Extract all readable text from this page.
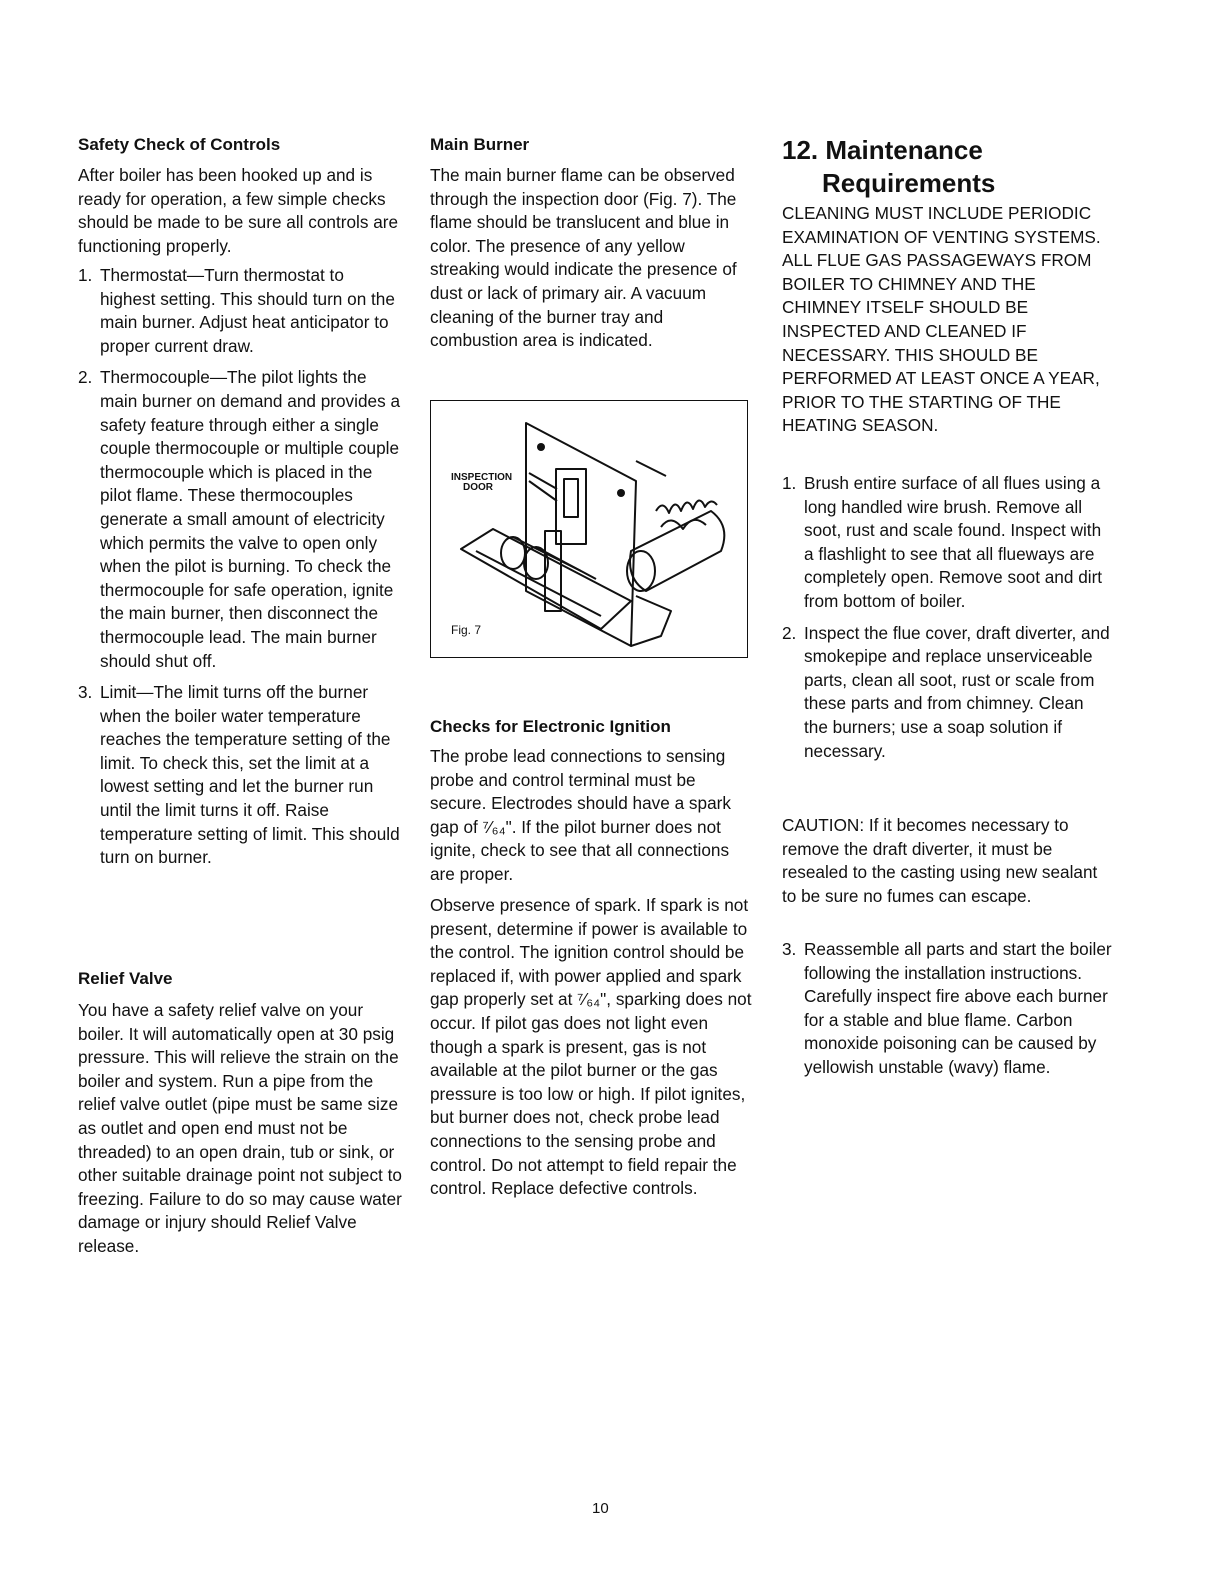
Safety Check of Controls

After boiler has been hooked up and is ready for operation, a few simple checks should be made to be sure all controls are functioning properly.

1. Thermostat—Turn thermostat to highest setting. This should turn on the main burner. Adjust heat anticipator to proper current draw.
2. Thermocouple—The pilot lights the main burner on demand and provides a safety feature through either a single couple thermocouple or multiple couple thermocouple which is placed in the pilot flame. These thermocouples generate a small amount of electricity which permits the valve to open only when the pilot is burning. To check the thermocouple for safe operation, ignite the main burner, then disconnect the thermocouple lead. The main burner should shut off.
3. Limit—The limit turns off the burner when the boiler water temperature reaches the temperature setting of the limit. To check this, set the limit at a lowest setting and let the burner run until the limit turns it off. Raise temperature setting of limit. This should turn on burner.
Relief Valve

You have a safety relief valve on your boiler. It will automatically open at 30 psig pressure. This will relieve the strain on the boiler and system. Run a pipe from the relief valve outlet (pipe must be same size as outlet and open end must not be threaded) to an open drain, tub or sink, or other suitable drainage point not subject to freezing. Failure to do so may cause water damage or injury should Relief Valve release.

Main Burner

The main burner flame can be observed through the inspection door (Fig. 7). The flame should be translucent and blue in color. The presence of any yellow streaking would indicate the presence of dust or lack of primary air. A vacuum cleaning of the burner tray and combustion area is indicated.

INSPECTION
DOOR
Fig. 7
Checks for Electronic Ignition

The probe lead connections to sensing probe and control terminal must be secure. Electrodes should have a spark gap of ⁷⁄₆₄". If the pilot burner does not ignite, check to see that all connections are proper.

Observe presence of spark. If spark is not present, determine if power is available to the control. The ignition control should be replaced if, with power applied and spark gap properly set at ⁷⁄₆₄", sparking does not occur. If pilot gas does not light even though a spark is present, gas is not available at the pilot burner or the gas pressure is too low or high. If pilot ignites, but burner does not, check probe lead connections to the sensing probe and control. Do not attempt to field repair the control. Replace defective controls.

12. Maintenance
Requirements

CLEANING MUST INCLUDE PERIODIC EXAMINATION OF VENTING SYSTEMS. ALL FLUE GAS PASSAGEWAYS FROM BOILER TO CHIMNEY AND THE CHIMNEY ITSELF SHOULD BE INSPECTED AND CLEANED IF NECESSARY. THIS SHOULD BE PERFORMED AT LEAST ONCE A YEAR, PRIOR TO THE STARTING OF THE HEATING SEASON.

1. Brush entire surface of all flues using a long handled wire brush. Remove all soot, rust and scale found. Inspect with a flashlight to see that all flueways are completely open. Remove soot and dirt from bottom of boiler.
2. Inspect the flue cover, draft diverter, and smokepipe and replace unserviceable parts, clean all soot, rust or scale from these parts and from chimney. Clean the burners; use a soap solution if necessary.

CAUTION: If it becomes necessary to remove the draft diverter, it must be resealed to the casting using new sealant to be sure no fumes can escape.

3. Reassemble all parts and start the boiler following the installation instructions. Carefully inspect fire above each burner for a stable and blue flame. Carbon monoxide poisoning can be caused by yellowish unstable (wavy) flame.
10
